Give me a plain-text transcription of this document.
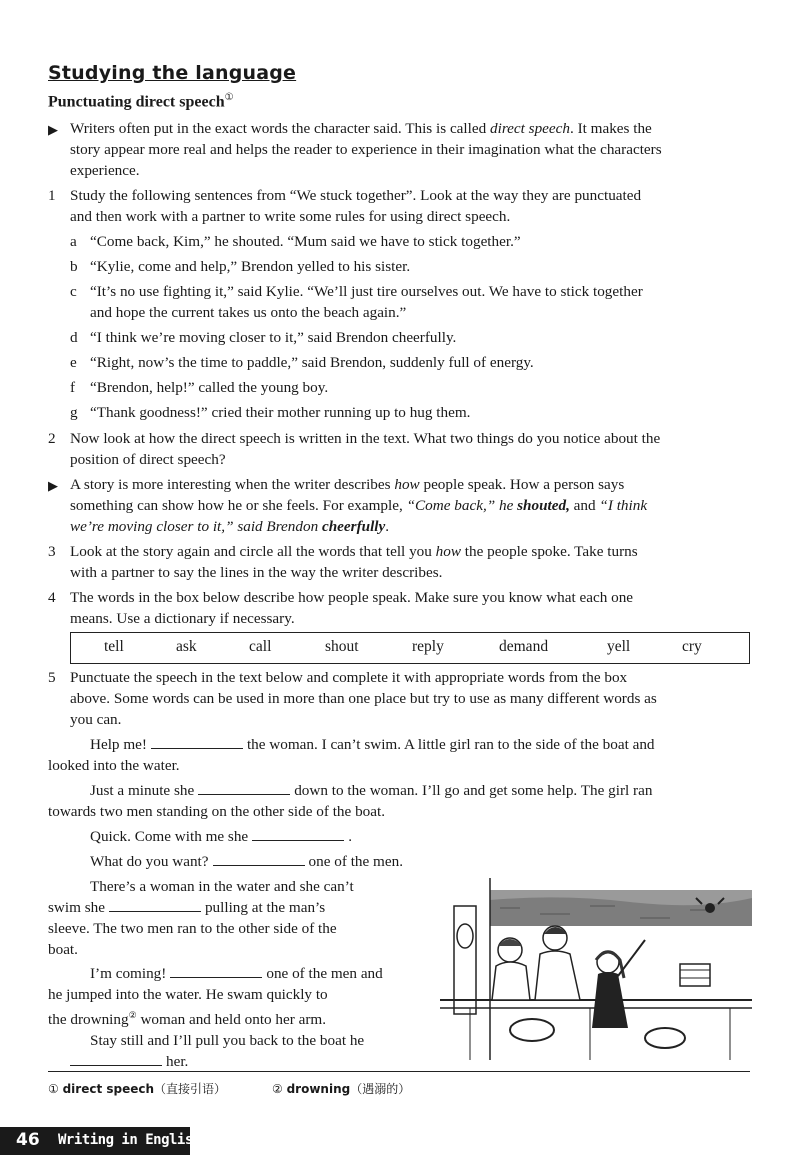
Studying the language
Punctuating direct speech①
▶ Writers often put in the exact words the character said. This is called direct speech. It makes the
story appear more real and helps the reader to experience in their imagination what the characters
experience.
1 Study the following sentences from “We stuck together”. Look at the way they are punctuated
and then work with a partner to write some rules for using direct speech.
a “Come back, Kim,” he shouted. “Mum said we have to stick together.”
b “Kylie, come and help,” Brendon yelled to his sister.
c “It’s no use fighting it,” said Kylie. “We’ll just tire ourselves out. We have to stick together
and hope the current takes us onto the beach again.”
d “I think we’re moving closer to it,” said Brendon cheerfully.
e “Right, now’s the time to paddle,” said Brendon, suddenly full of energy.
f “Brendon, help!” called the young boy.
g “Thank goodness!” cried their mother running up to hug them.
2 Now look at how the direct speech is written in the text. What two things do you notice about the
position of direct speech?
▶ A story is more interesting when the writer describes how people speak. How a person says
something can show how he or she feels. For example, “Come back,” he shouted, and “I think
we’re moving closer to it,” said Brendon cheerfully.
3 Look at the story again and circle all the words that tell you how the people spoke. Take turns
with a partner to say the lines in the way the writer describes.
4 The words in the box below describe how people speak. Make sure you know what each one
means. Use a dictionary if necessary.
tell	ask	call	shout	reply	demand	yell	cry
5 Punctuate the speech in the text below and complete it with appropriate words from the box
above. Some words can be used in more than one place but try to use as many different words as
you can.
Help me!	the woman. I can’t swim. A little girl ran to the side of the boat and
looked into the water.
Just a minute she	down to the woman. I’ll go and get some help. The girl ran
towards two men standing on the other side of the boat.
Quick. Come with me she	.
What do you want?	one of the men.
There’s a woman in the water and she can’t
swim she	pulling at the man’s
sleeve. The two men ran to the other side of the
boat.
I’m coming!	one of the men and
he jumped into the water. He swam quickly to
the drowning② woman and held onto her arm.
Stay still and I’ll pull you back to the boat he
her.
① direct speech（直接引语）	② drowning（遇溺的）
46 Writing in English Unit 8
